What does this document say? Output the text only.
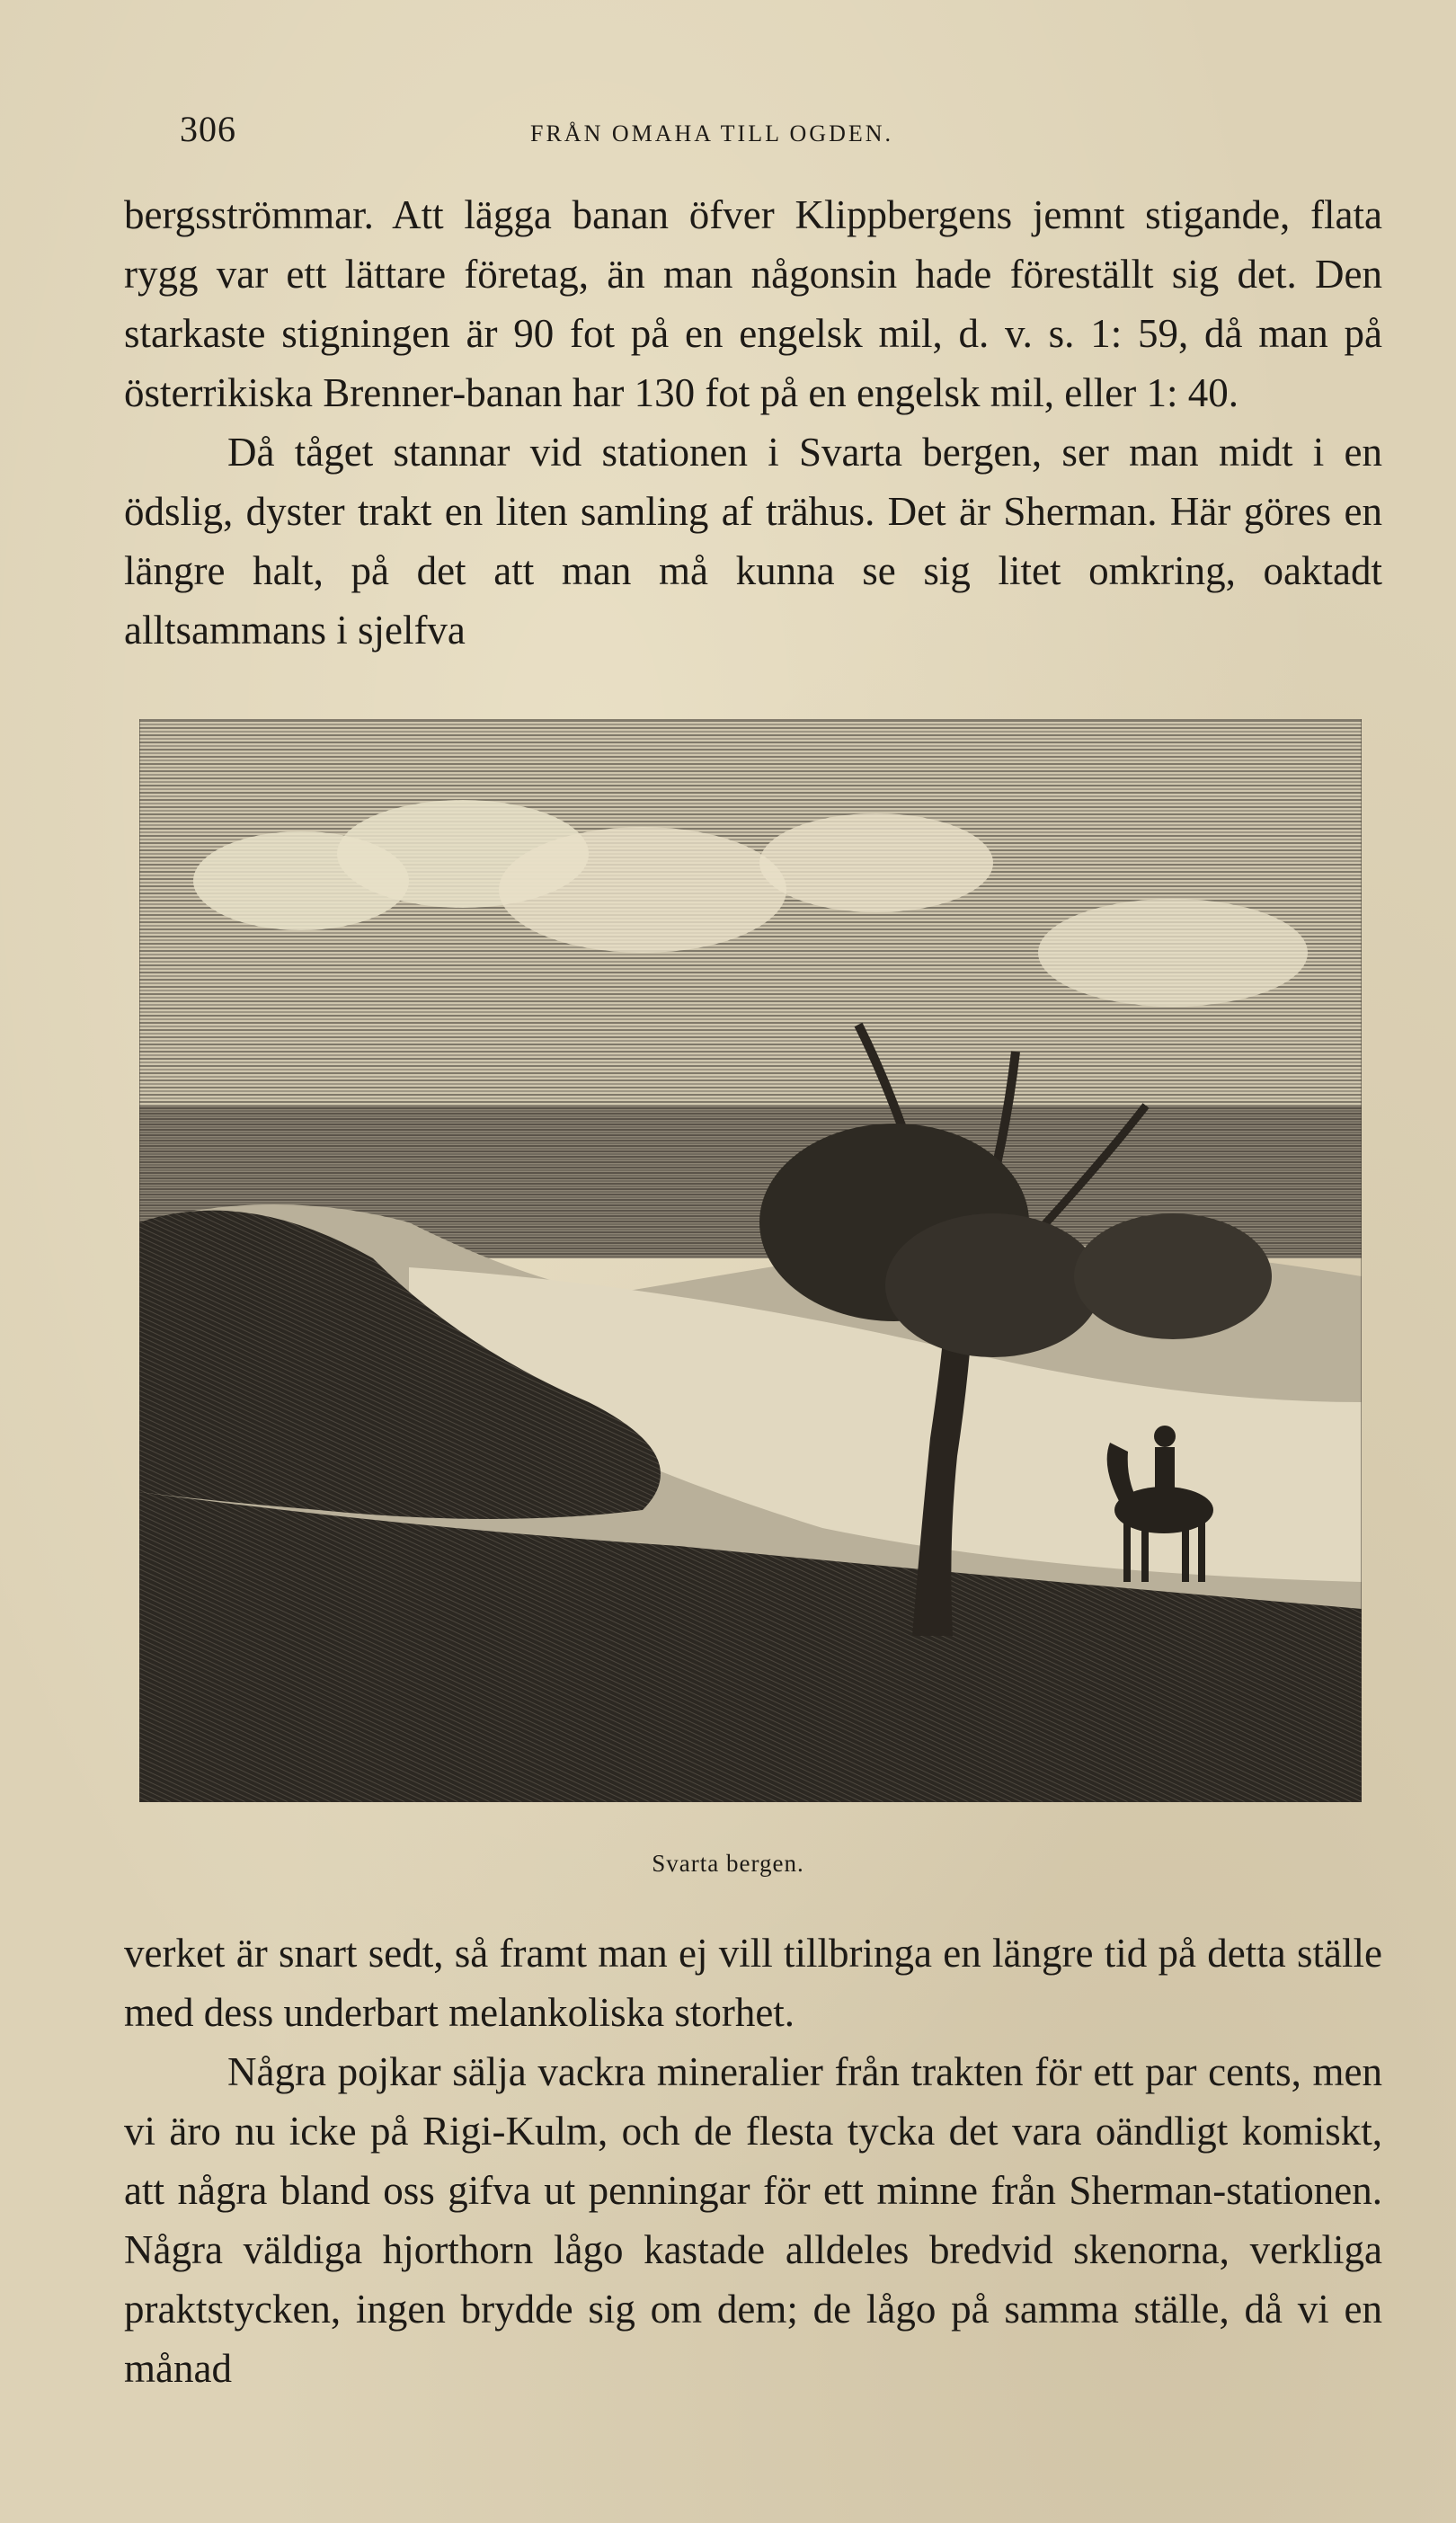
306	FRÅN OMAHA TILL OGDEN.

bergsströmmar. Att lägga banan öfver Klippbergens jemnt stigande, flata rygg var ett lättare företag, än man någonsin hade föreställt sig det. Den starkaste stigningen är 90 fot på en engelsk mil, d. v. s. 1: 59, då man på österrikiska Brenner-banan har 130 fot på en engelsk mil, eller 1: 40.

Då tåget stannar vid stationen i Svarta bergen, ser man midt i en ödslig, dyster trakt en liten samling af trähus. Det är Sherman. Här göres en längre halt, på det att man må kunna se sig litet omkring, oaktadt alltsammans i sjelfva

Svarta bergen.

verket är snart sedt, så framt man ej vill tillbringa en längre tid på detta ställe med dess underbart melankoliska storhet.

Några pojkar sälja vackra mineralier från trakten för ett par cents, men vi äro nu icke på Rigi-Kulm, och de flesta tycka det vara oändligt komiskt, att några bland oss gifva ut penningar för ett minne från Sherman-stationen. Några väldiga hjorthorn lågo kastade alldeles bredvid skenorna, verkliga praktstycken, ingen brydde sig om dem; de lågo på samma ställe, då vi en månad
